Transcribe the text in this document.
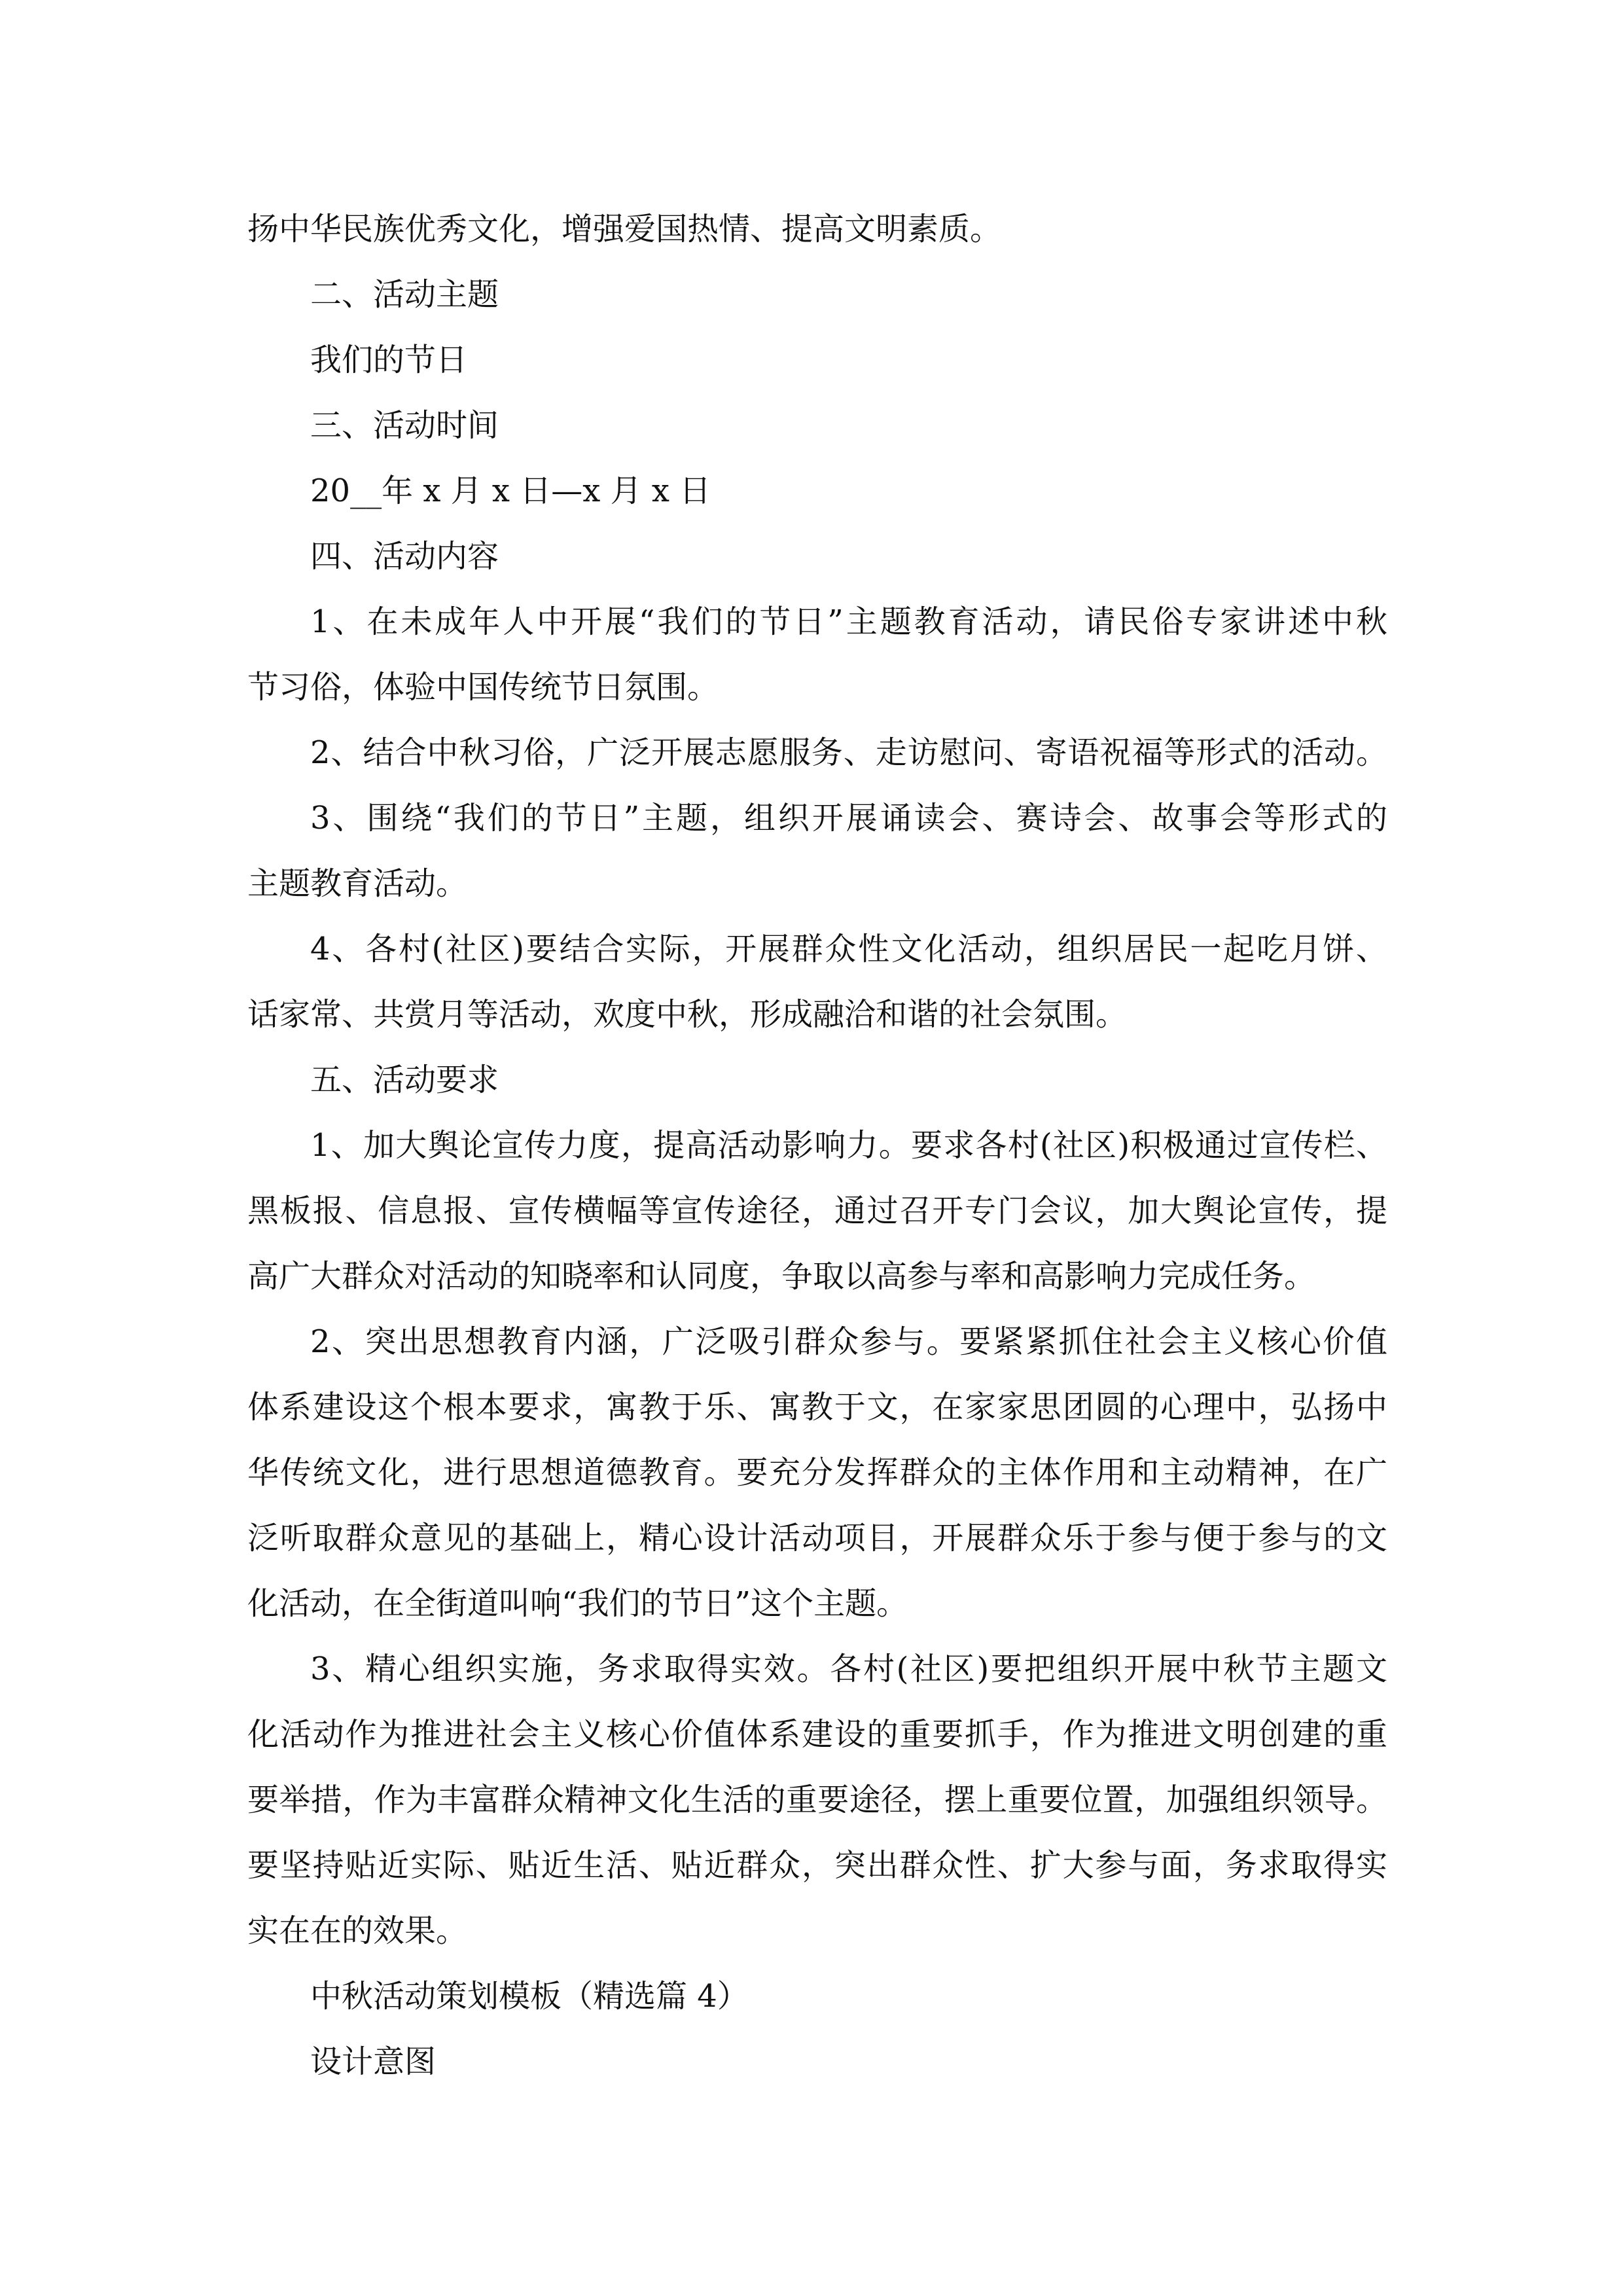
扬中华民族优秀文化，增强爱国热情、提高文明素质。
二、活动主题
我们的节日
三、活动时间
20__年 x 月 x 日—x 月 x 日
四、活动内容
1、在未成年人中开展“我们的节日”主题教育活动，请民俗专家讲述中秋
节习俗，体验中国传统节日氛围。
2、结合中秋习俗，广泛开展志愿服务、走访慰问、寄语祝福等形式的活动。
3、围绕“我们的节日”主题，组织开展诵读会、赛诗会、故事会等形式的
主题教育活动。
4、各村(社区)要结合实际，开展群众性文化活动，组织居民一起吃月饼、
话家常、共赏月等活动，欢度中秋，形成融洽和谐的社会氛围。
五、活动要求
1、加大舆论宣传力度，提高活动影响力。要求各村(社区)积极通过宣传栏、
黑板报、信息报、宣传横幅等宣传途径，通过召开专门会议，加大舆论宣传，提
高广大群众对活动的知晓率和认同度，争取以高参与率和高影响力完成任务。
2、突出思想教育内涵，广泛吸引群众参与。要紧紧抓住社会主义核心价值
体系建设这个根本要求，寓教于乐、寓教于文，在家家思团圆的心理中，弘扬中
华传统文化，进行思想道德教育。要充分发挥群众的主体作用和主动精神，在广
泛听取群众意见的基础上，精心设计活动项目，开展群众乐于参与便于参与的文
化活动，在全街道叫响“我们的节日”这个主题。
3、精心组织实施，务求取得实效。各村(社区)要把组织开展中秋节主题文
化活动作为推进社会主义核心价值体系建设的重要抓手，作为推进文明创建的重
要举措，作为丰富群众精神文化生活的重要途径，摆上重要位置，加强组织领导。
要坚持贴近实际、贴近生活、贴近群众，突出群众性、扩大参与面，务求取得实
实在在的效果。
中秋活动策划模板（精选篇 4）
设计意图
